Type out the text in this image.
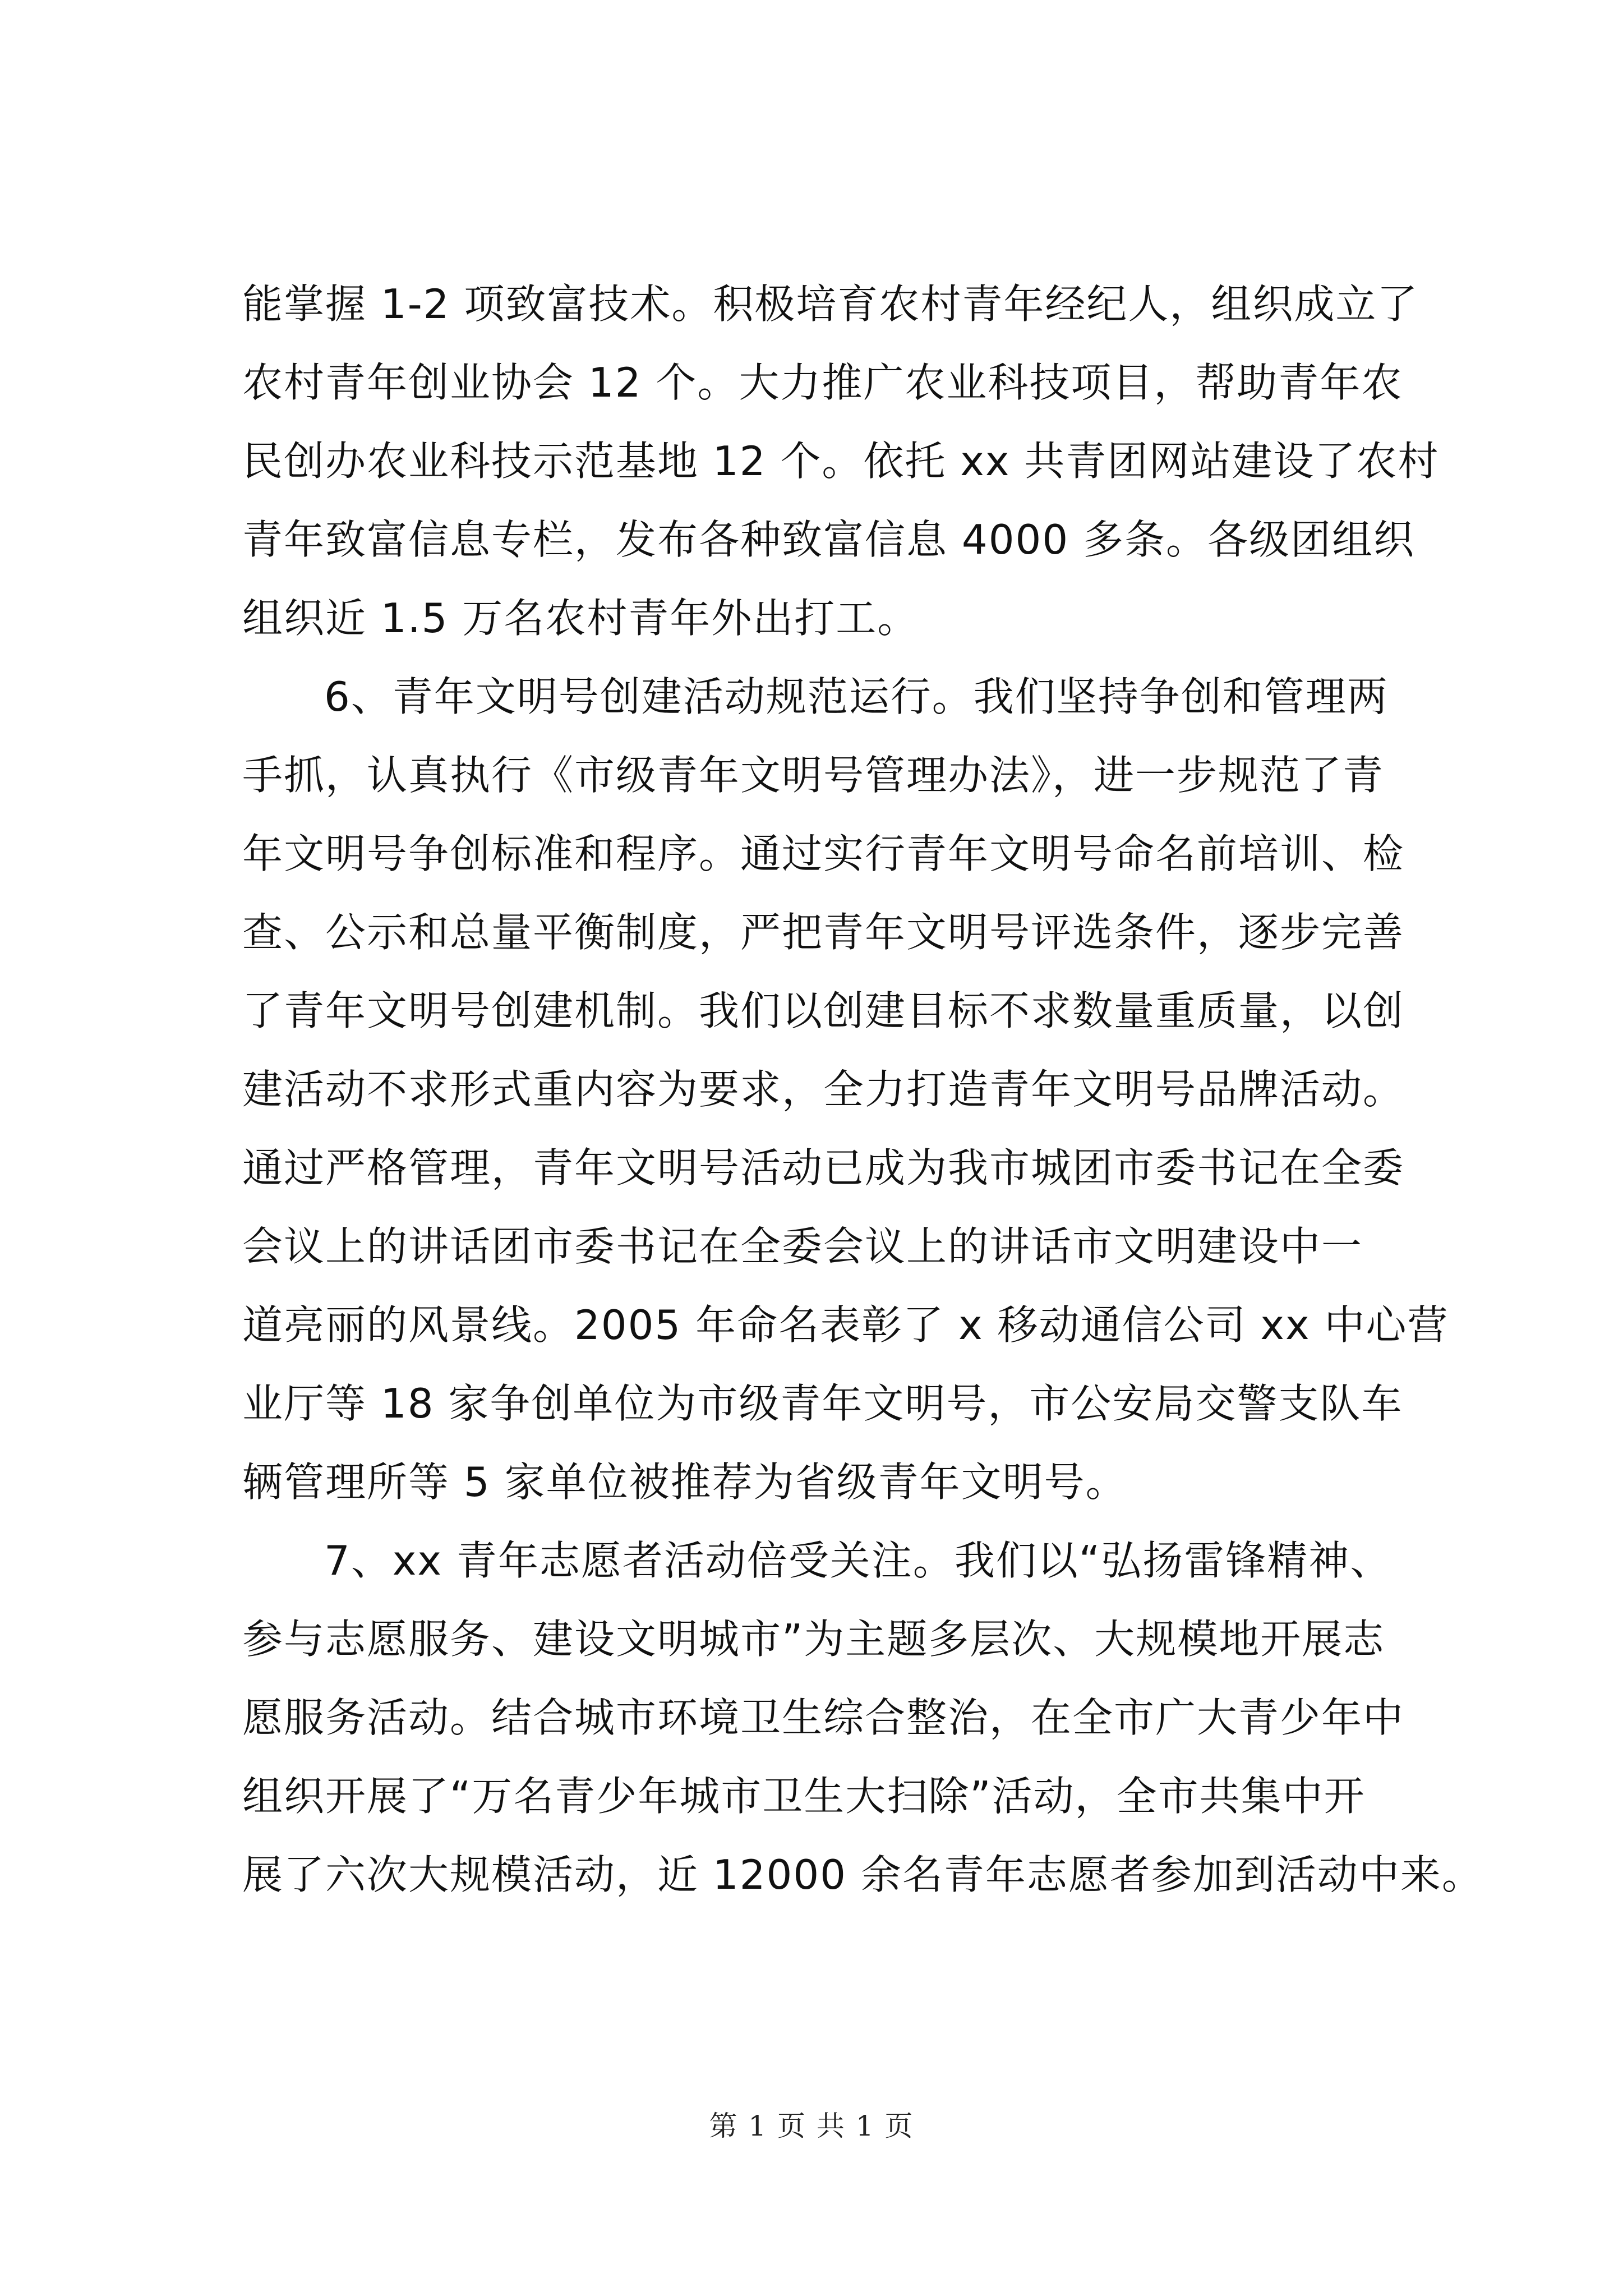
能掌握 1-2 项致富技术。积极培育农村青年经纪人，组织成立了
农村青年创业协会 12 个。大力推广农业科技项目，帮助青年农
民创办农业科技示范基地 12 个。依托 xx 共青团网站建设了农村
青年致富信息专栏，发布各种致富信息 4000 多条。各级团组织
组织近 1.5 万名农村青年外出打工。
6、青年文明号创建活动规范运行。我们坚持争创和管理两
手抓，认真执行《市级青年文明号管理办法》，进一步规范了青
年文明号争创标准和程序。通过实行青年文明号命名前培训、检
查、公示和总量平衡制度，严把青年文明号评选条件，逐步完善
了青年文明号创建机制。我们以创建目标不求数量重质量，以创
建活动不求形式重内容为要求，全力打造青年文明号品牌活动。
通过严格管理，青年文明号活动已成为我市城团市委书记在全委
会议上的讲话团市委书记在全委会议上的讲话市文明建设中一
道亮丽的风景线。2005 年命名表彰了 x 移动通信公司 xx 中心营
业厅等 18 家争创单位为市级青年文明号，市公安局交警支队车
辆管理所等 5 家单位被推荐为省级青年文明号。
7、xx 青年志愿者活动倍受关注。我们以“弘扬雷锋精神、
参与志愿服务、建设文明城市”为主题多层次、大规模地开展志
愿服务活动。结合城市环境卫生综合整治，在全市广大青少年中
组织开展了“万名青少年城市卫生大扫除”活动，全市共集中开
展了六次大规模活动，近 12000 余名青年志愿者参加到活动中来。
第 1 页 共 1 页
